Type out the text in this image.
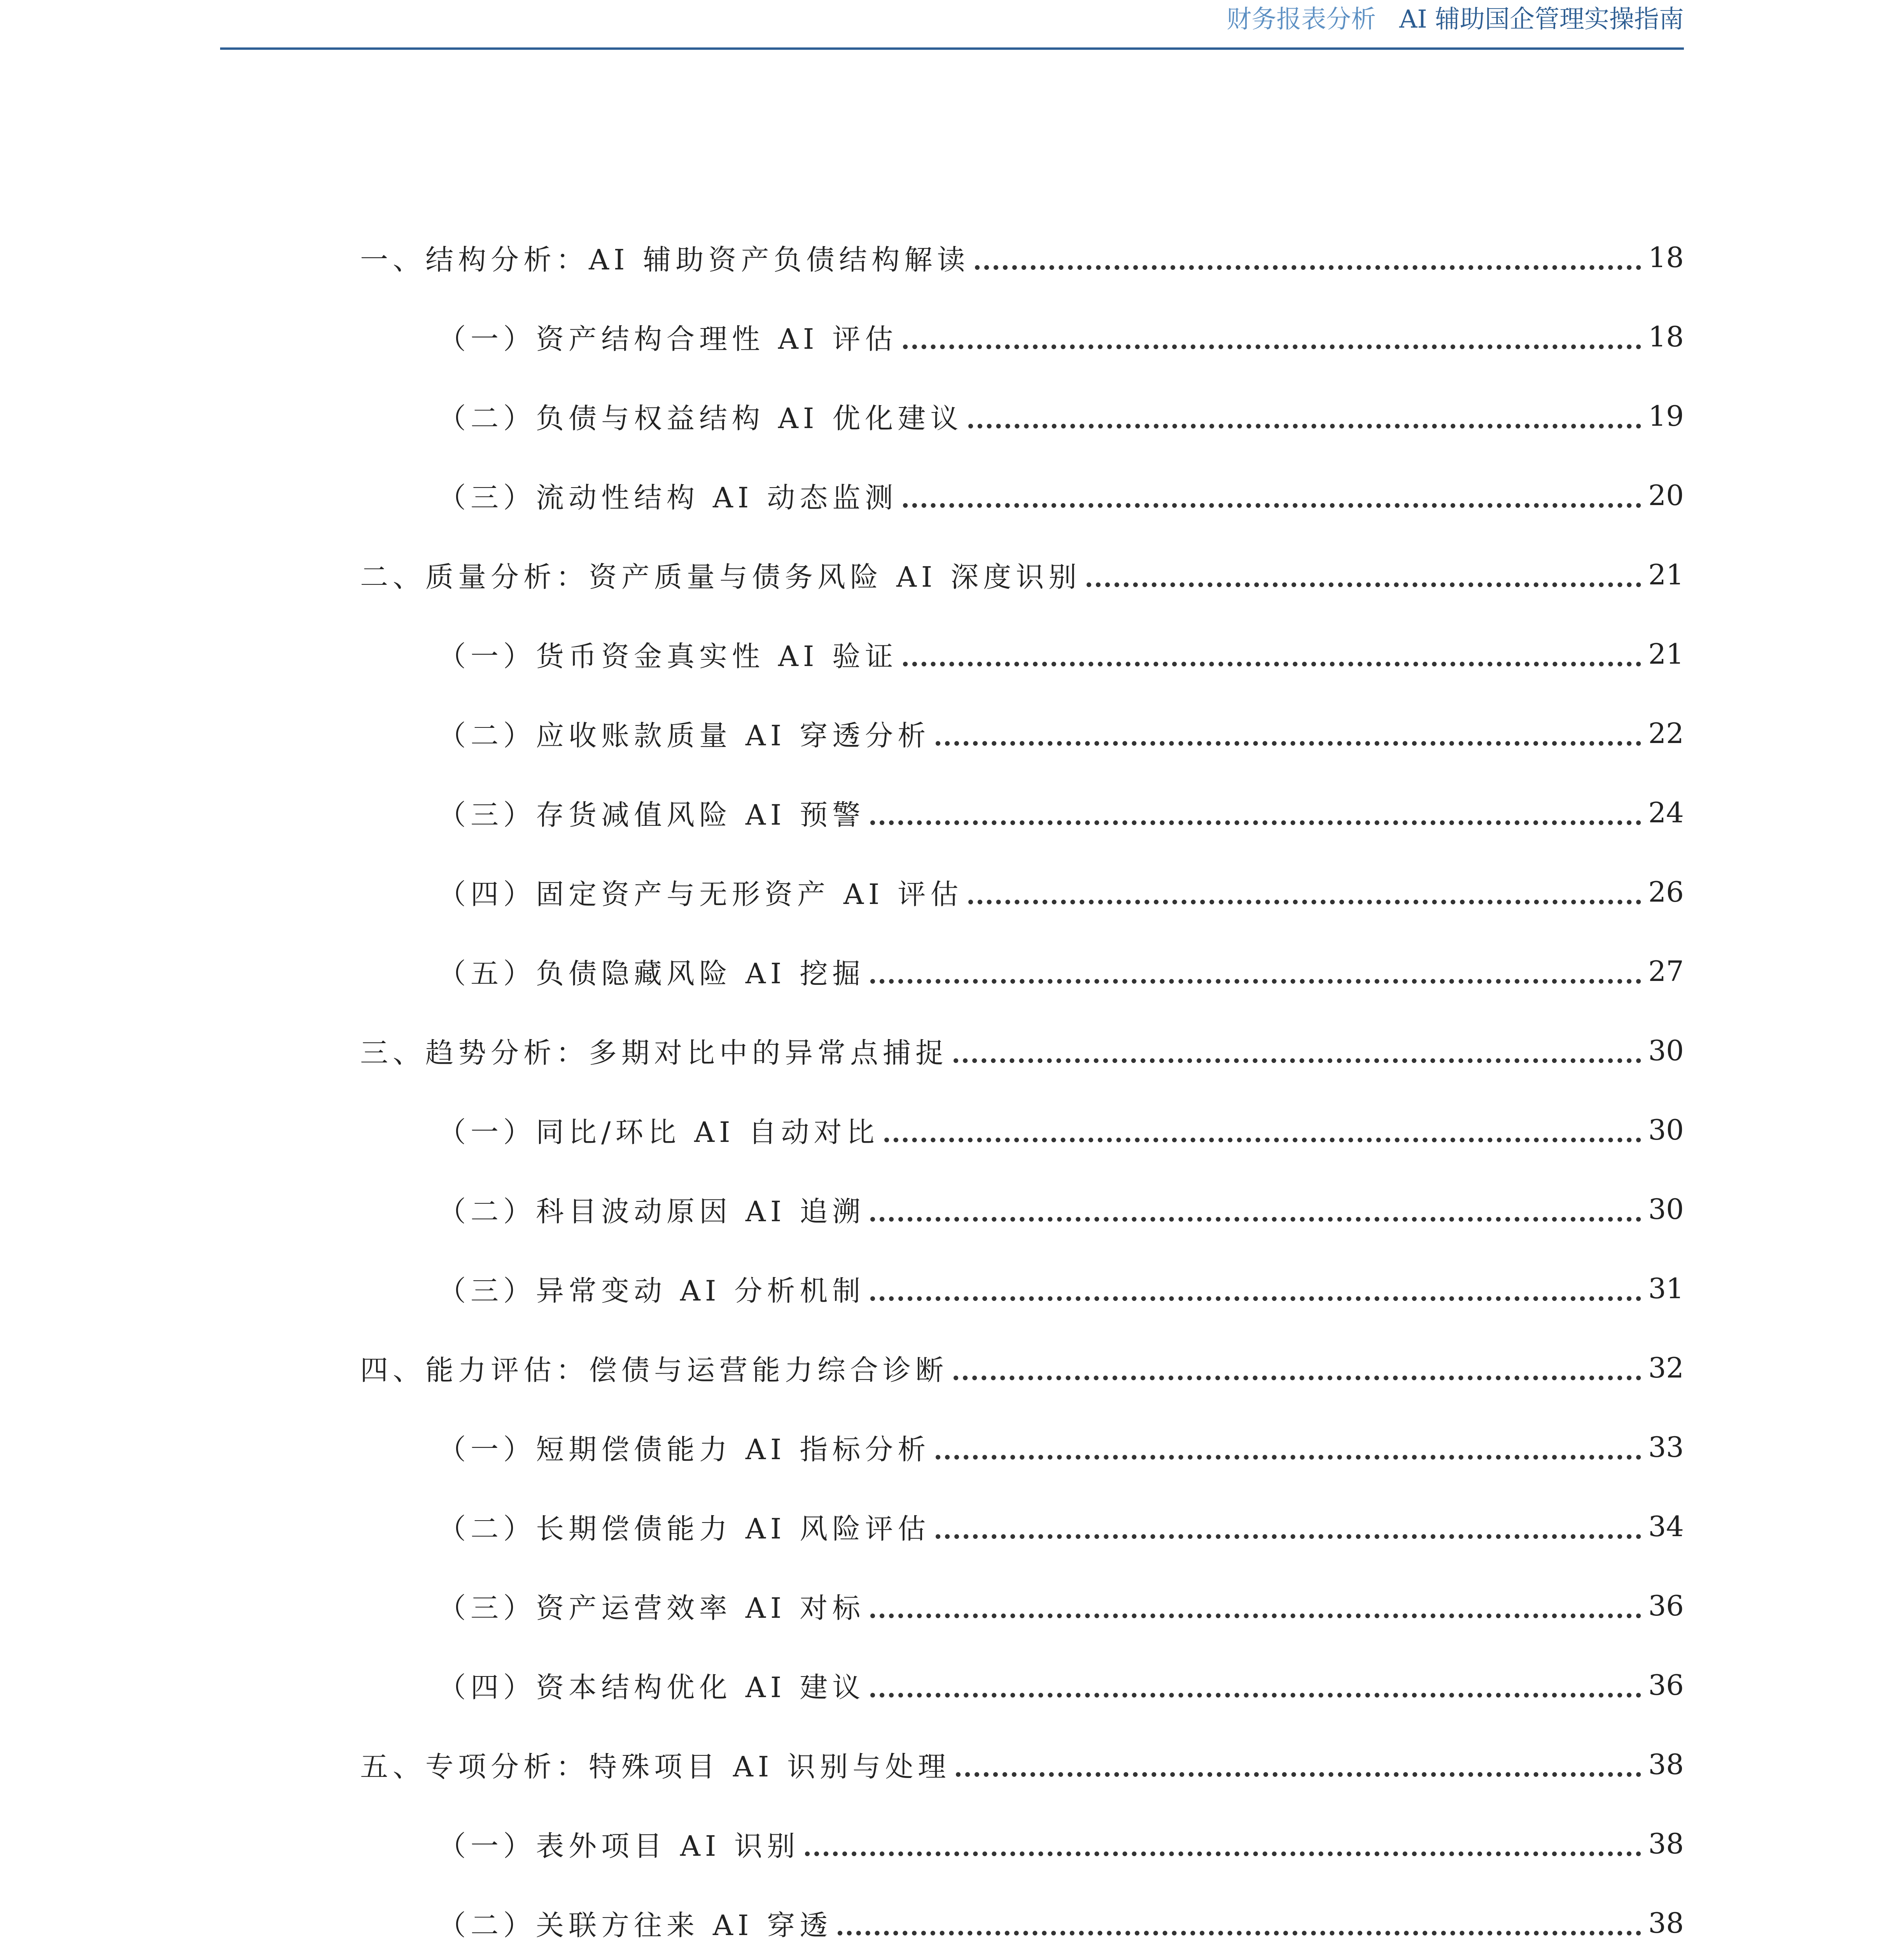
财务报表分析 AI 辅助国企管理实操指南
一、结构分析：AI 辅助资产负债结构解读	18
（一）资产结构合理性 AI 评估	18
（二）负债与权益结构 AI 优化建议	19
（三）流动性结构 AI 动态监测	20
二、质量分析：资产质量与债务风险 AI 深度识别	21
（一）货币资金真实性 AI 验证	21
（二）应收账款质量 AI 穿透分析	22
（三）存货减值风险 AI 预警	24
（四）固定资产与无形资产 AI 评估	26
（五）负债隐藏风险 AI 挖掘	27
三、趋势分析：多期对比中的异常点捕捉	30
（一）同比/环比 AI 自动对比	30
（二）科目波动原因 AI 追溯	30
（三）异常变动 AI 分析机制	31
四、能力评估：偿债与运营能力综合诊断	32
（一）短期偿债能力 AI 指标分析	33
（二）长期偿债能力 AI 风险评估	34
（三）资产运营效率 AI 对标	36
（四）资本结构优化 AI 建议	36
五、专项分析：特殊项目 AI 识别与处理	38
（一）表外项目 AI 识别	38
（二）关联方往来 AI 穿透	38
